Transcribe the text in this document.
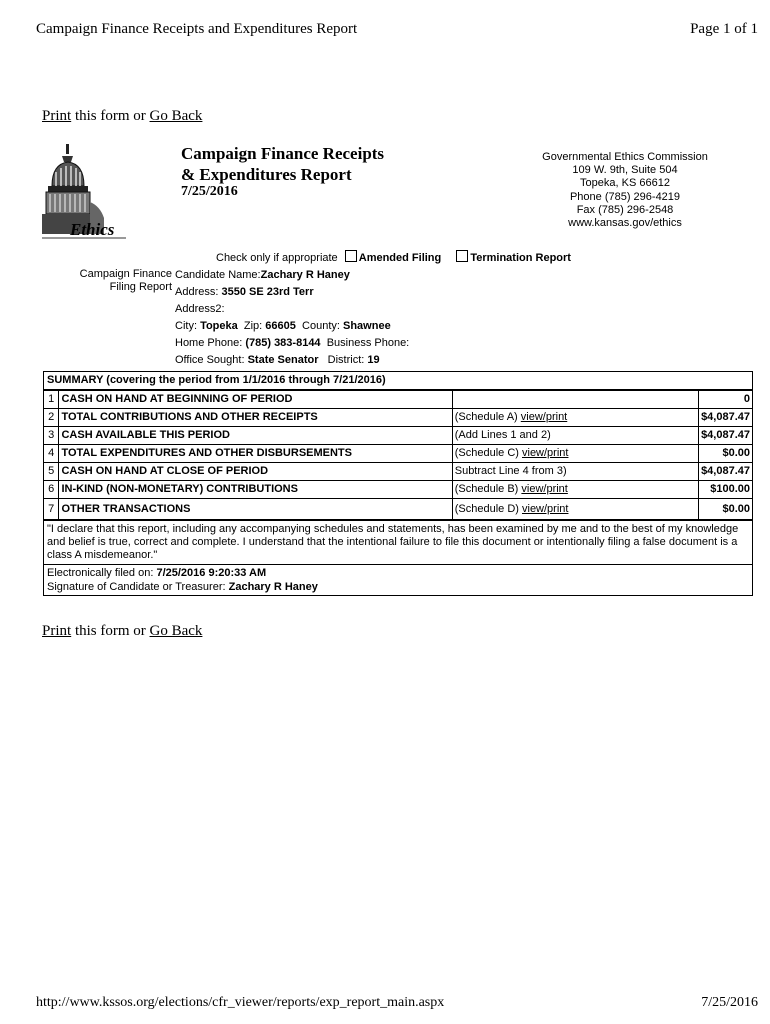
Campaign Finance Receipts and Expenditures Report	Page 1 of 1
Print this form or Go Back
Ethics
Campaign Finance Receipts
& Expenditures Report
7/25/2016
Governmental Ethics Commission
109 W. 9th, Suite 504
Topeka, KS 66612
Phone (785) 296-4219
Fax (785) 296-2548
www.kansas.gov/ethics
Check only if appropriate Amended Filing	Termination Report
Campaign Finance
Filing Report
Candidate Name:Zachary R Haney
Address: 3550 SE 23rd Terr
Address2:
City: Topeka Zip: 66605 County: Shawnee
Home Phone: (785) 383-8144 Business Phone:
Office Sought: State Senator District: 19
SUMMARY (covering the period from 1/1/2016 through 7/21/2016)
1	CASH ON HAND AT BEGINNING OF PERIOD		0
2	TOTAL CONTRIBUTIONS AND OTHER RECEIPTS	(Schedule A) view/print	$4,087.47
3	CASH AVAILABLE THIS PERIOD	(Add Lines 1 and 2)	$4,087.47
4	TOTAL EXPENDITURES AND OTHER DISBURSEMENTS	(Schedule C) view/print	$0.00
5	CASH ON HAND AT CLOSE OF PERIOD	Subtract Line 4 from 3)	$4,087.47
6	IN-KIND (NON-MONETARY) CONTRIBUTIONS	(Schedule B) view/print	$100.00
7	OTHER TRANSACTIONS	(Schedule D) view/print	$0.00
"I declare that this report, including any accompanying schedules and statements, has been examined by me and to the best of my knowledge and belief is true, correct and complete. I understand that the intentional failure to file this document or intentionally filing a false document is a class A misdemeanor."
Electronically filed on: 7/25/2016 9:20:33 AM
Signature of Candidate or Treasurer: Zachary R Haney
Print this form or Go Back
http://www.kssos.org/elections/cfr_viewer/reports/exp_report_main.aspx	7/25/2016
